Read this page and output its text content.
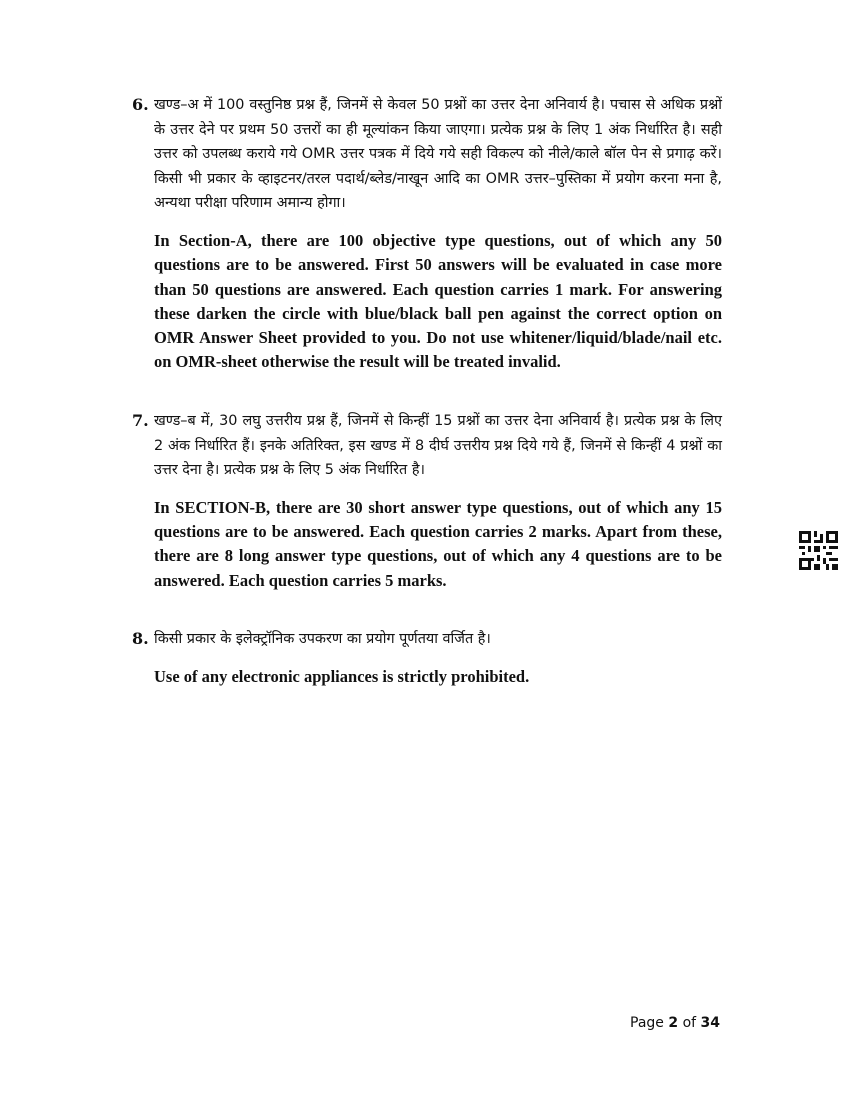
6. खण्ड–अ में 100 वस्तुनिष्ठ प्रश्न हैं, जिनमें से केवल 50 प्रश्नों का उत्तर देना अनिवार्य है। पचास से अधिक प्रश्नों के उत्तर देने पर प्रथम 50 उत्तरों का ही मूल्यांकन किया जाएगा। प्रत्येक प्रश्न के लिए 1 अंक निर्धारित है। सही उत्तर को उपलब्ध कराये गये OMR उत्तर पत्रक में दिये गये सही विकल्प को नीले/काले बॉल पेन से प्रगाढ़ करें। किसी भी प्रकार के व्हाइटनर/तरल पदार्थ/ब्लेड/नाखून आदि का OMR उत्तर–पुस्तिका में प्रयोग करना मना है, अन्यथा परीक्षा परिणाम अमान्य होगा।

In Section-A, there are 100 objective type questions, out of which any 50 questions are to be answered. First 50 answers will be evaluated in case more than 50 questions are answered. Each question carries 1 mark. For answering these darken the circle with blue/black ball pen against the correct option on OMR Answer Sheet provided to you. Do not use whitener/liquid/blade/nail etc. on OMR-sheet otherwise the result will be treated invalid.

7. खण्ड–ब में, 30 लघु उत्तरीय प्रश्न हैं, जिनमें से किन्हीं 15 प्रश्नों का उत्तर देना अनिवार्य है। प्रत्येक प्रश्न के लिए 2 अंक निर्धारित हैं। इनके अतिरिक्त, इस खण्ड में 8 दीर्घ उत्तरीय प्रश्न दिये गये हैं, जिनमें से किन्हीं 4 प्रश्नों का उत्तर देना है। प्रत्येक प्रश्न के लिए 5 अंक निर्धारित है।

In SECTION-B, there are 30 short answer type questions, out of which any 15 questions are to be answered. Each question carries 2 marks. Apart from these, there are 8 long answer type questions, out of which any 4 questions are to be answered. Each question carries 5 marks.

8. किसी प्रकार के इलेक्ट्रॉनिक उपकरण का प्रयोग पूर्णतया वर्जित है।

Use of any electronic appliances is strictly prohibited.

Page 2 of 34
